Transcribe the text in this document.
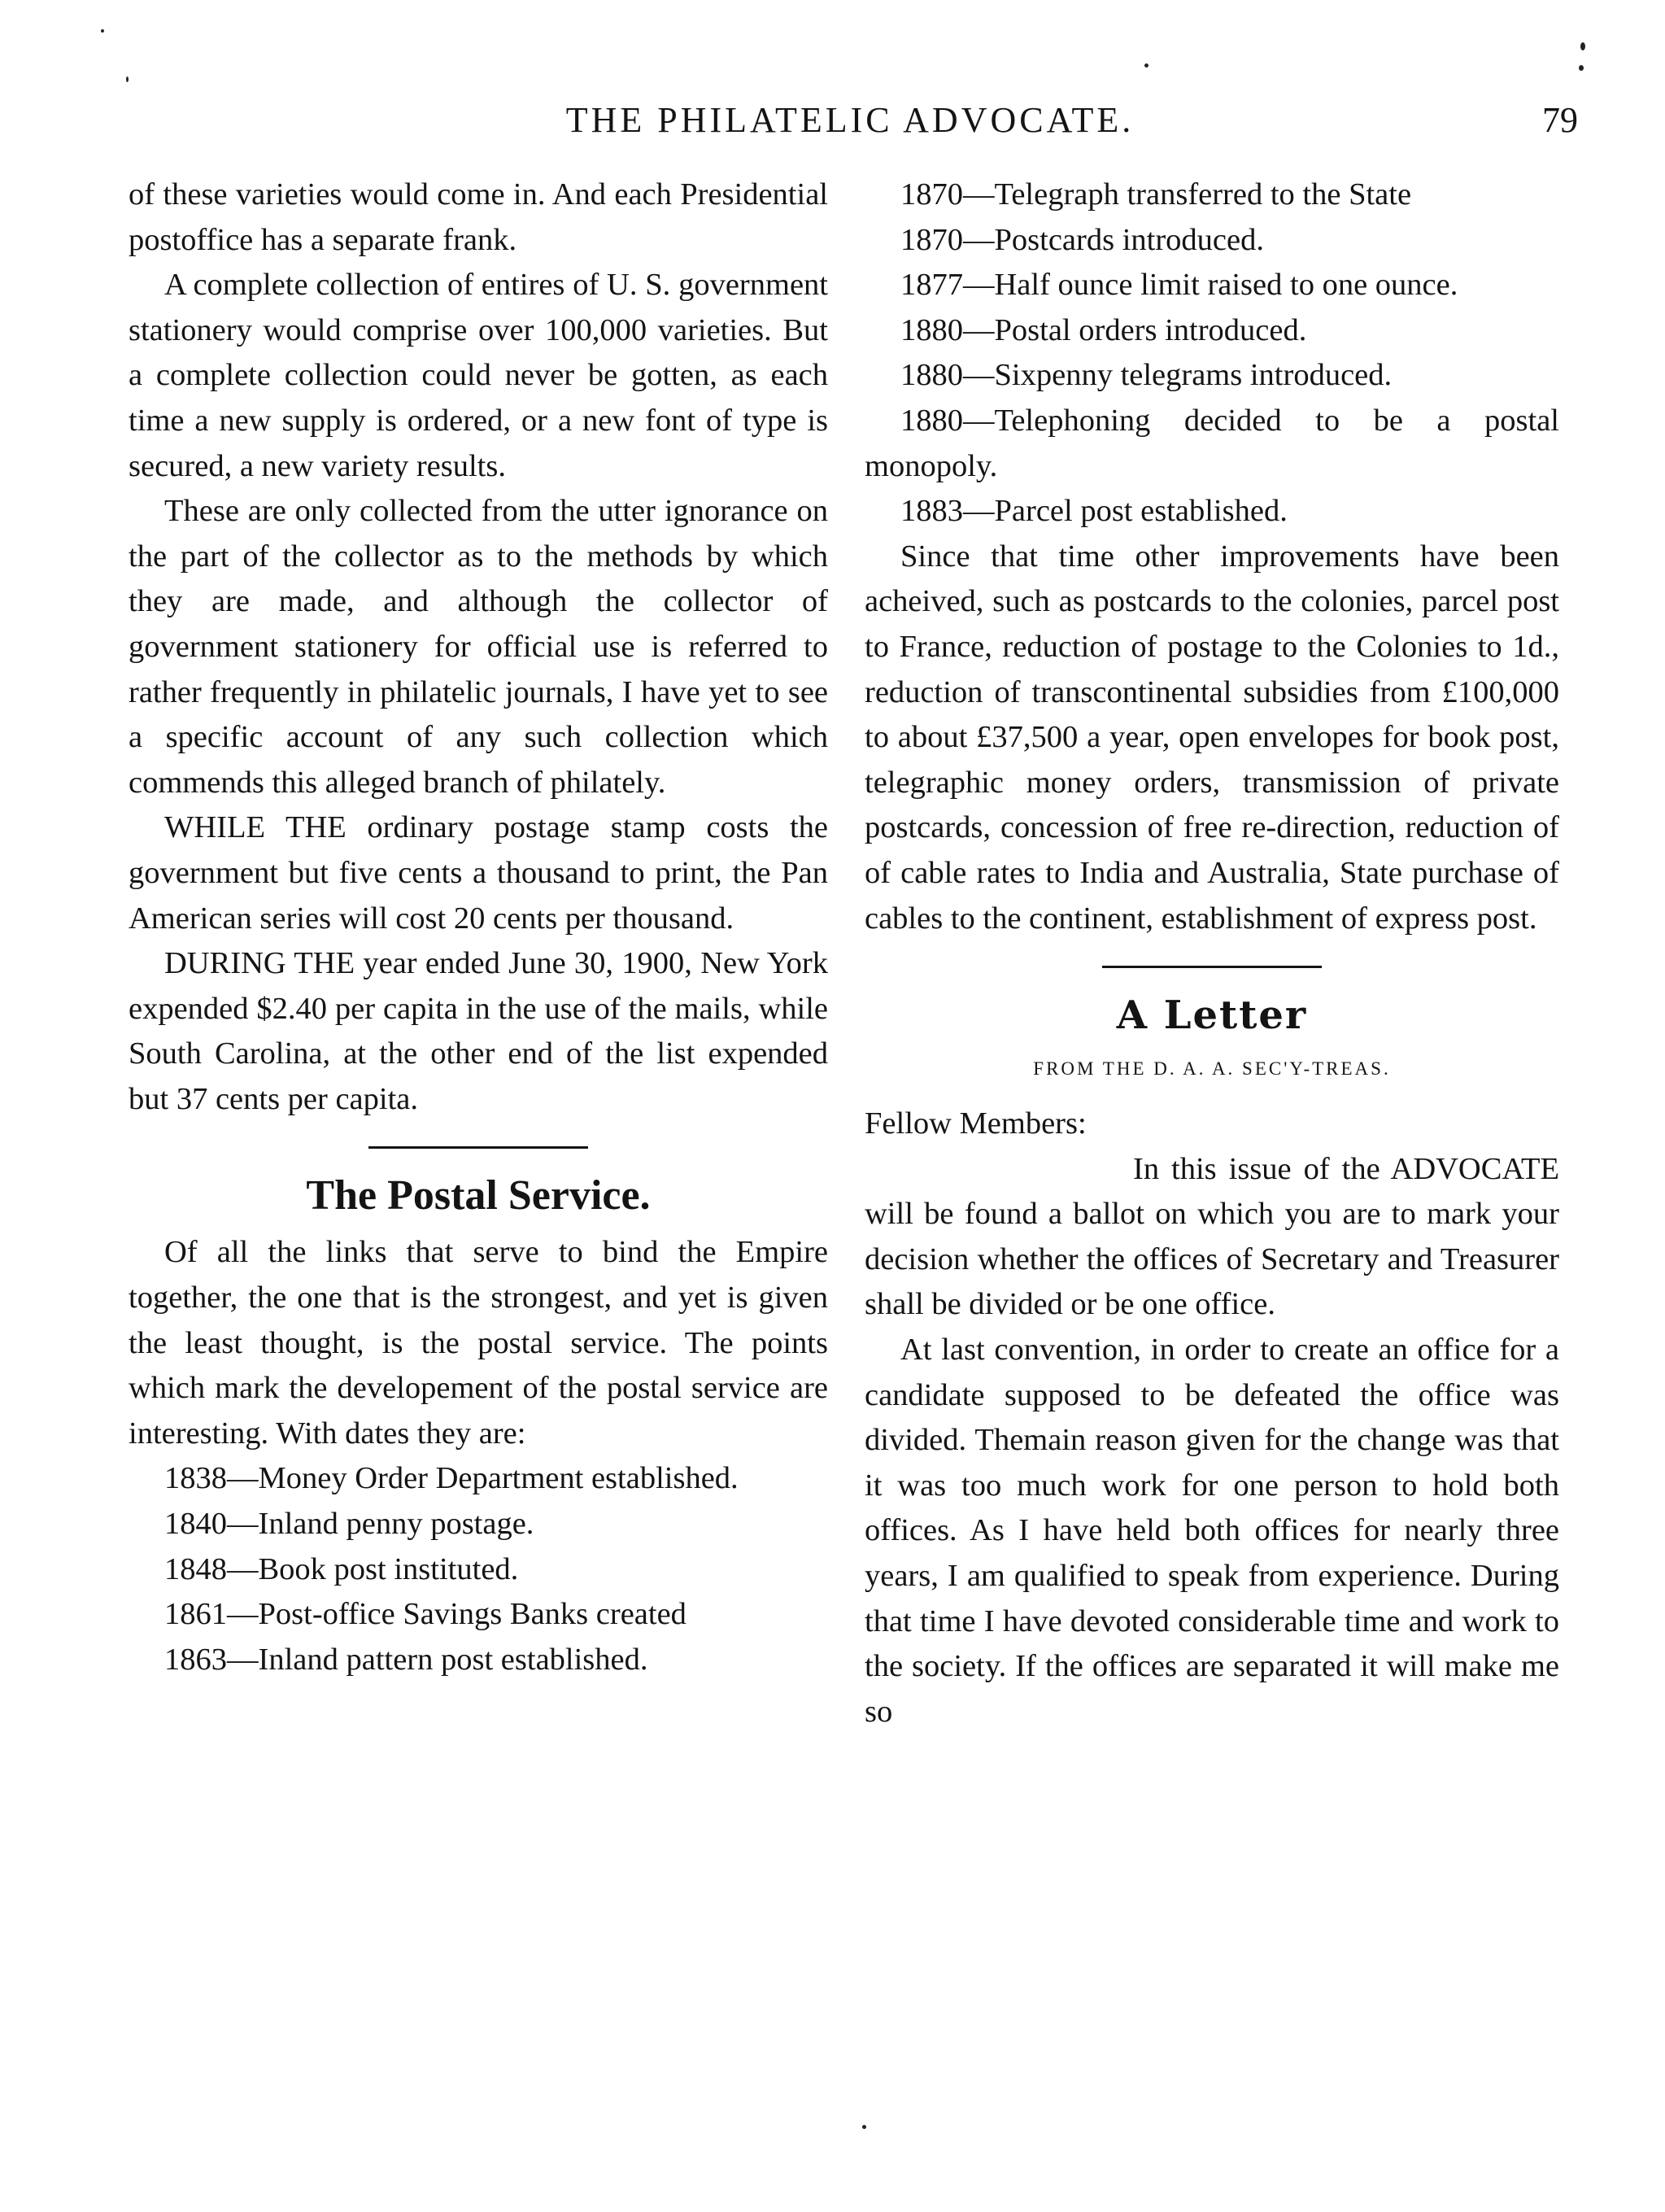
THE PHILATELIC ADVOCATE.	79

of these varieties would come in. And each Presidential postoffice has a separate frank.

A complete collection of entires of U. S. government stationery would comprise over 100,000 varieties. But a complete collection could never be gotten, as each time a new supply is ordered, or a new font of type is secured, a new variety results.

These are only collected from the utter ignorance on the part of the collector as to the methods by which they are made, and although the collector of government stationery for official use is referred to rather frequently in philatelic journals, I have yet to see a specific account of any such collection which commends this alleged branch of philately.

WHILE THE ordinary postage stamp costs the government but five cents a thousand to print, the Pan American series will cost 20 cents per thousand.

DURING THE year ended June 30, 1900, New York expended $2.40 per capita in the use of the mails, while South Carolina, at the other end of the list expended but 37 cents per capita.

The Postal Service.

Of all the links that serve to bind the Empire together, the one that is the strongest, and yet is given the least thought, is the postal service. The points which mark the developement of the postal service are interesting. With dates they are:

1838—Money Order Department established.

1840—Inland penny postage.

1848—Book post instituted.

1861—Post-office Savings Banks created

1863—Inland pattern post established.

1870—Telegraph transferred to the State

1870—Postcards introduced.

1877—Half ounce limit raised to one ounce.

1880—Postal orders introduced.

1880—Sixpenny telegrams introduced.

1880—Telephoning decided to be a postal monopoly.

1883—Parcel post established.

Since that time other improvements have been acheived, such as postcards to the colonies, parcel post to France, reduction of postage to the Colonies to 1d., reduction of transcontinental subsidies from £100,000 to about £37,500 a year, open envelopes for book post, telegraphic money orders, transmission of private postcards, concession of free re-direction, reduction of of cable rates to India and Australia, State purchase of cables to the continent, establishment of express post.

A Letter
FROM THE D. A. A. SEC'Y-TREAS.

Fellow Members:

In this issue of the ADVOCATE will be found a ballot on which you are to mark your decision whether the offices of Secretary and Treasurer shall be divided or be one office.

At last convention, in order to create an office for a candidate supposed to be defeated the office was divided. Themain reason given for the change was that it was too much work for one person to hold both offices. As I have held both offices for nearly three years, I am qualified to speak from experience. During that time I have devoted considerable time and work to the society. If the offices are separated it will make me so
